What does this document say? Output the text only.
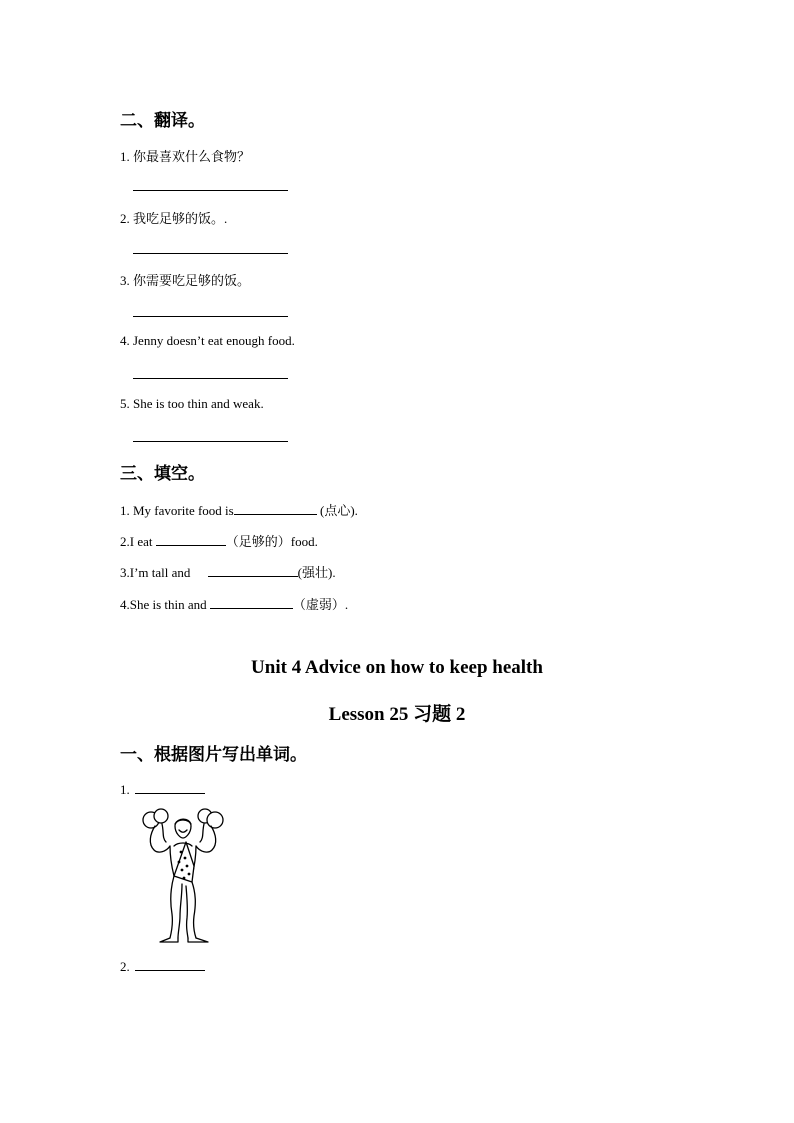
二、翻译。
1. 你最喜欢什么食物？
2. 我吃足够的饭。.
3. 你需要吃足够的饭。
4. Jenny doesn’t eat enough food.
5. She is too thin and weak.
三、填空。
1. My favorite food is	(点心).
2.I eat	（足够的）food.
3.I’m tall and	(强壮).
4.She is thin and	（虚弱）.
Unit 4 Advice on how to keep health
Lesson 25 习题 2
一、根据图片写出单词。
1.
2.
